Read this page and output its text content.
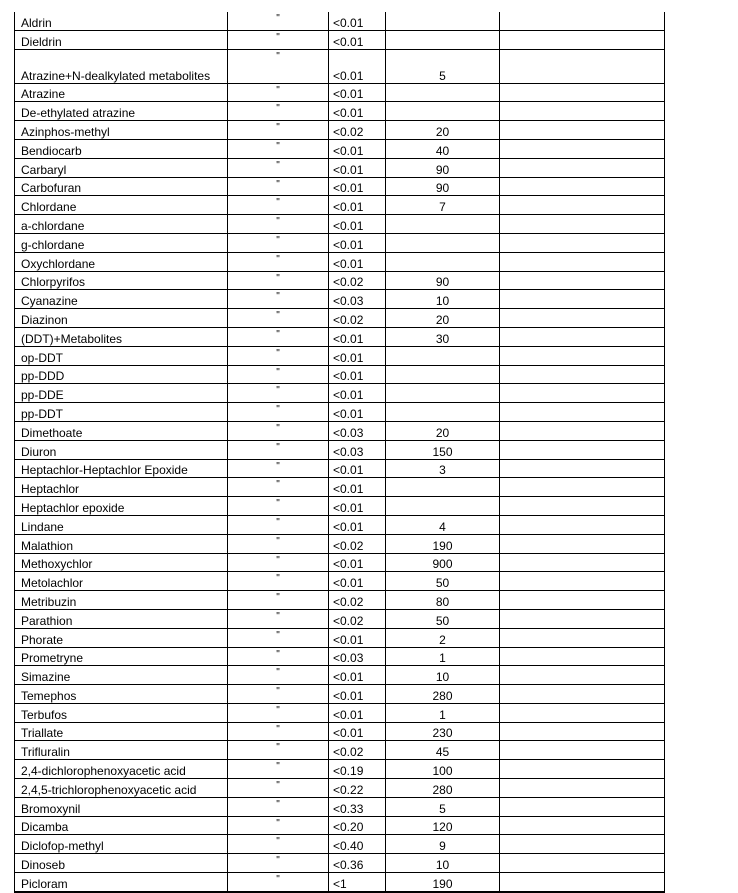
Aldrin	"	<0.01		
Dieldrin	"	<0.01		
Atrazine+N-dealkylated metabolites	"	<0.01	5	
Atrazine	"	<0.01		
De-ethylated atrazine	"	<0.01		
Azinphos-methyl	"	<0.02	20	
Bendiocarb	"	<0.01	40	
Carbaryl	"	<0.01	90	
Carbofuran	"	<0.01	90	
Chlordane	"	<0.01	7	
a-chlordane	"	<0.01		
g-chlordane	"	<0.01		
Oxychlordane	"	<0.01		
Chlorpyrifos	"	<0.02	90	
Cyanazine	"	<0.03	10	
Diazinon	"	<0.02	20	
(DDT)+Metabolites	"	<0.01	30	
op-DDT	"	<0.01		
pp-DDD	"	<0.01		
pp-DDE	"	<0.01		
pp-DDT	"	<0.01		
Dimethoate	"	<0.03	20	
Diuron	"	<0.03	150	
Heptachlor-Heptachlor Epoxide	"	<0.01	3	
Heptachlor	"	<0.01		
Heptachlor epoxide	"	<0.01		
Lindane	"	<0.01	4	
Malathion	"	<0.02	190	
Methoxychlor	"	<0.01	900	
Metolachlor	"	<0.01	50	
Metribuzin	"	<0.02	80	
Parathion	"	<0.02	50	
Phorate	"	<0.01	2	
Prometryne	"	<0.03	1	
Simazine	"	<0.01	10	
Temephos	"	<0.01	280	
Terbufos	"	<0.01	1	
Triallate	"	<0.01	230	
Trifluralin	"	<0.02	45	
2,4-dichlorophenoxyacetic acid	"	<0.19	100	
2,4,5-trichlorophenoxyacetic acid	"	<0.22	280	
Bromoxynil	"	<0.33	5	
Dicamba	"	<0.20	120	
Diclofop-methyl	"	<0.40	9	
Dinoseb	"	<0.36	10	
Picloram	"	<1	190	
